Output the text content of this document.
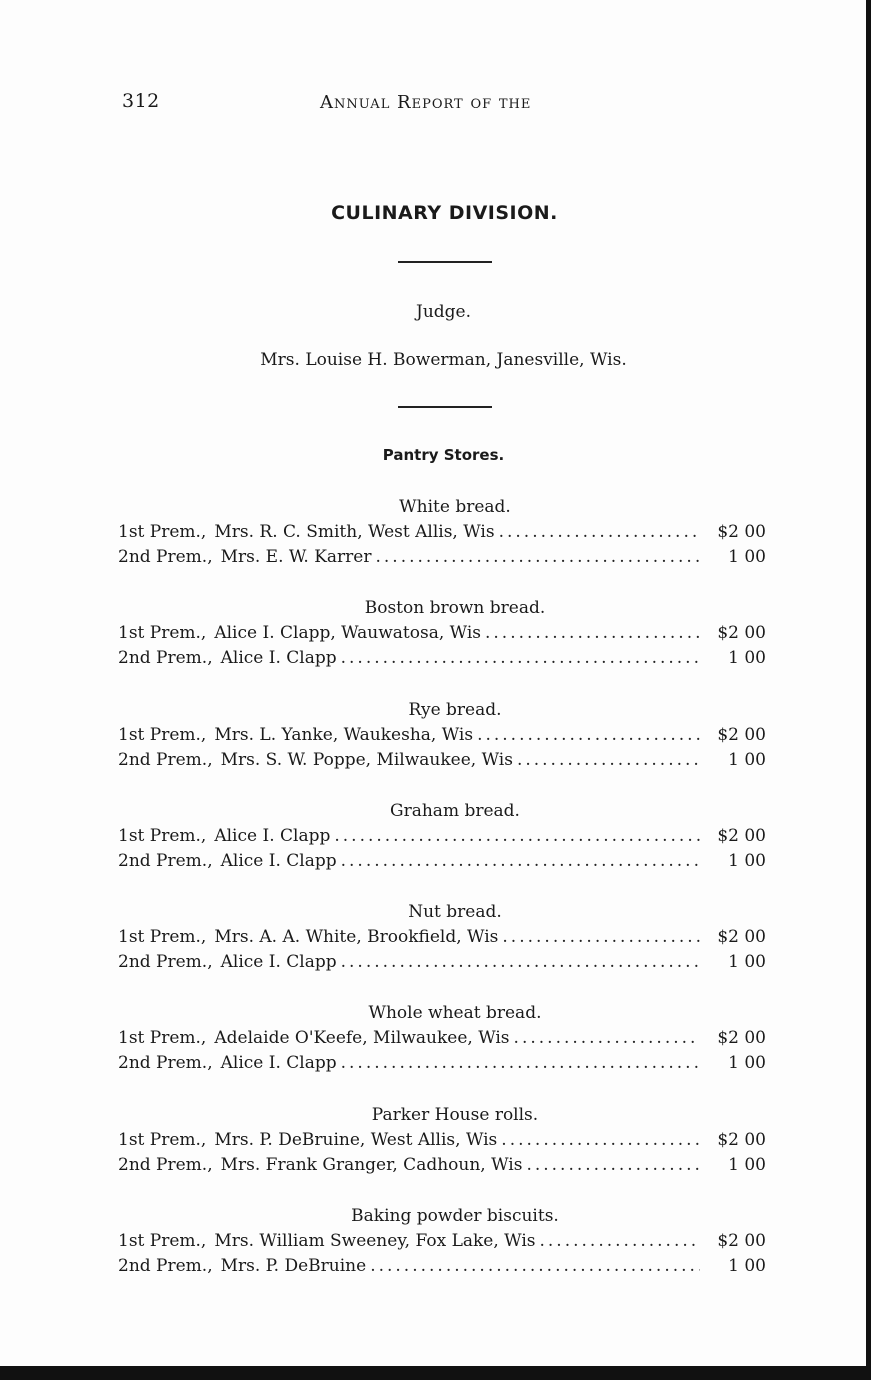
312	Annual Report of the
CULINARY DIVISION.
Judge.
Mrs. Louise H. Bowerman, Janesville, Wis.
Pantry Stores.
White bread.
1st Prem., Mrs. R. C. Smith, West Allis, Wis .....	$2 00
2nd Prem., Mrs. E. W. Karrer .....	1 00
Boston brown bread.
1st Prem., Alice I. Clapp, Wauwatosa, Wis .....	$2 00
2nd Prem., Alice I. Clapp .....	1 00
Rye bread.
1st Prem., Mrs. L. Yanke, Waukesha, Wis .....	$2 00
2nd Prem., Mrs. S. W. Poppe, Milwaukee, Wis .....	1 00
Graham bread.
1st Prem., Alice I. Clapp .....	$2 00
2nd Prem., Alice I. Clapp .....	1 00
Nut bread.
1st Prem., Mrs. A. A. White, Brookfield, Wis .....	$2 00
2nd Prem., Alice I. Clapp .....	1 00
Whole wheat bread.
1st Prem., Adelaide O'Keefe, Milwaukee, Wis .....	$2 00
2nd Prem., Alice I. Clapp .....	1 00
Parker House rolls.
1st Prem., Mrs. P. DeBruine, West Allis, Wis .....	$2 00
2nd Prem., Mrs. Frank Granger, Cadhoun, Wis .....	1 00
Baking powder biscuits.
1st Prem., Mrs. William Sweeney, Fox Lake, Wis .....	$2 00
2nd Prem., Mrs. P. DeBruine .....	1 00
